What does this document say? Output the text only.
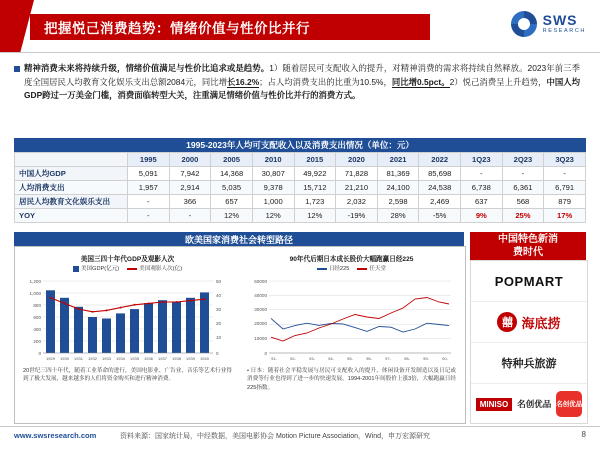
把握悦己消费趋势：情绪价值与性价比并行
SWS
RESEARCH
精神消费未来将持续升级，情绪价值满足与性价比追求或是趋势。1）随着居民可支配收入的提升，对精神消费的需求将持续自然释放。2023年前三季度全国居民人均教育文化娱乐支出总额2084元，同比增长16.2%；占人均消费支出的比重为10.5%，同比增0.5pct。2）悦己消费呈上升趋势，中国人均GDP跨过一万美金门槛，消费面临转型大关，注重满足情绪价值与性价比并行的消费方式。
1995-2023年人均可支配收入以及消费支出情况（单位：元）
	1995	2000	2005	2010	2015	2020	2021	2022	1Q23	2Q23	3Q23
中国人均GDP	5,091	7,942	14,368	30,807	49,922	71,828	81,369	85,698	-	-	-
人均消费支出	1,957	2,914	5,035	9,378	15,712	21,210	24,100	24,538	6,738	6,361	6,791
居民人均教育文化娱乐支出	-	366	657	1,000	1,723	2,032	2,598	2,469	637	568	879
YOY	-	-	12%	12%	12%	-19%	28%	-5%	9%	25%	17%
欧美国家消费社会转型路径
美国三四十年代GDP及观影人次
美国GDP(亿元)	美国观影人次(亿)
1,200
1,000
800
600
400
200
0
50
40
30
20
10
0
1929 1930 1931 1932 1933 1934 1935 1936 1937 1938 1939 1940
20世纪三四十年代，随着工业革命的进行，美国电影业、广告业、音乐等艺术行业得到了极大发展，越来越多的人们将资金购买和进行精神消费。
90年代后期日本成长股价大幅跑赢日经225
日经225	任天堂
50000
40000
30000
20000
10000
0
91-	92-	93-	94-	95-	96-	97-	98-	99-	00-
• 日本：随着社会平稳发展与居民可支配收入的提升，体闲设备开发制造以及日记或消费等行业也得到了进一步的快速发展，1994-2001年间股价上涨3倍，大幅跑赢日经225指数。
中国特色新消
费时代
POPMART
囍 海底捞
特种兵旅游
MINISO	名创优品 名创优品
www.swsresearch.com	资料来源：国家统计局，中经数据，美国电影协会 Motion Picture Association，Wind，申万宏源研究	8
